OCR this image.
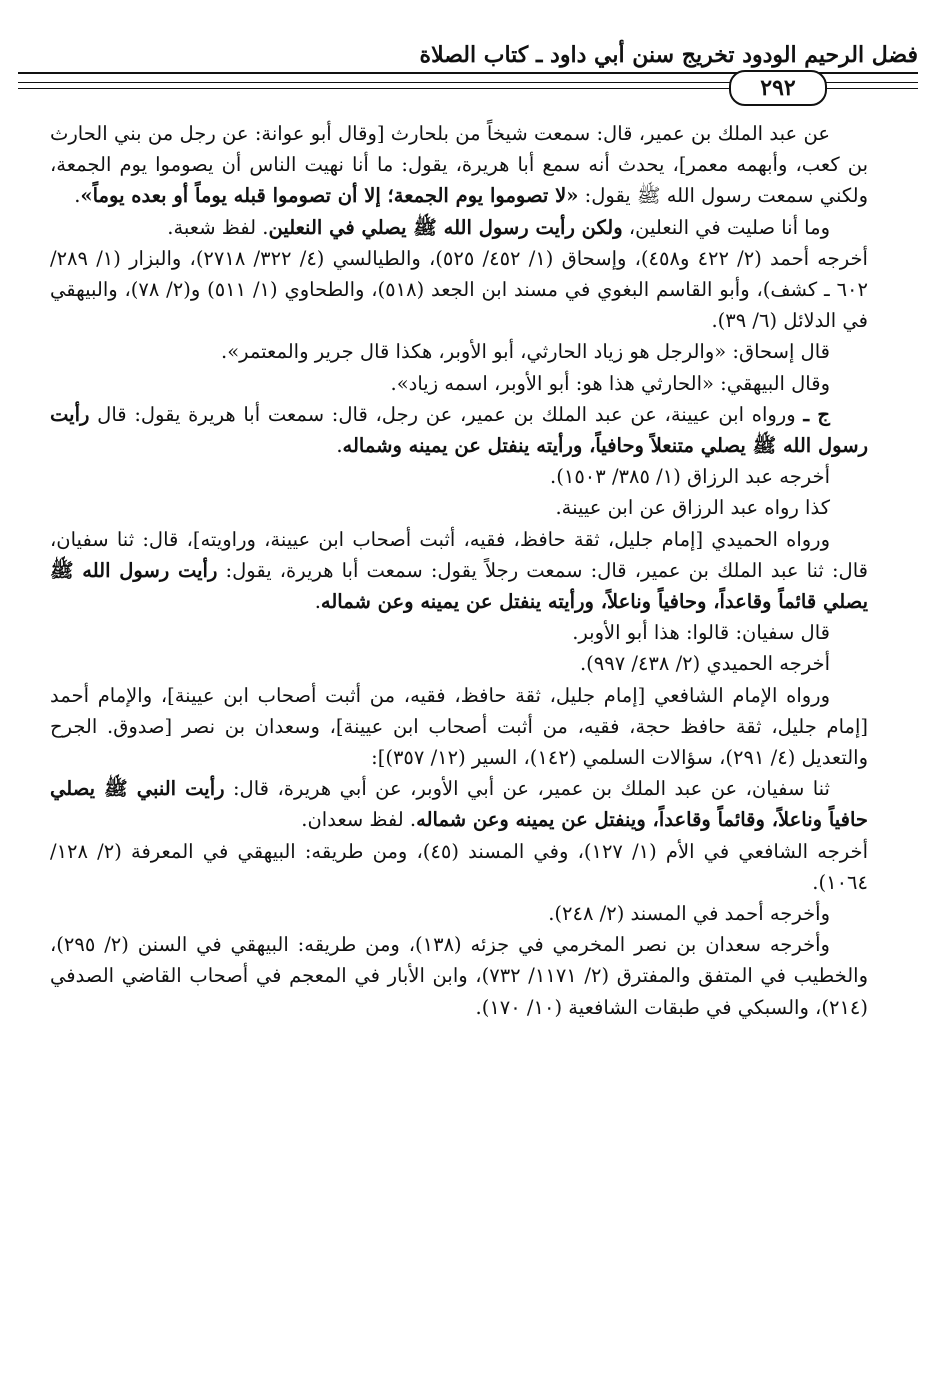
فضل الرحيم الودود تخريج سنن أبي داود ـ كتاب الصلاة
٢٩٢

عن عبد الملك بن عمير، قال: سمعت شيخاً من بلحارث [وقال أبو عوانة: عن رجل من بني الحارث بن كعب، وأبهمه معمر]، يحدث أنه سمع أبا هريرة، يقول: ما أنا نهيت الناس أن يصوموا يوم الجمعة، ولكني سمعت رسول الله ﷺ يقول: «لا تصوموا يوم الجمعة؛ إلا أن تصوموا قبله يوماً أو بعده يوماً».

وما أنا صليت في النعلين، ولكن رأيت رسول الله ﷺ يصلي في النعلين. لفظ شعبة.

أخرجه أحمد (٢/ ٤٢٢ و٤٥٨)، وإسحاق (١/ ٤٥٢/ ٥٢٥)، والطيالسي (٤/ ٣٢٢/ ٢٧١٨)، والبزار (١/ ٢٨٩/ ٦٠٢ ـ كشف)، وأبو القاسم البغوي في مسند ابن الجعد (٥١٨)، والطحاوي (١/ ٥١١) و(٢/ ٧٨)، والبيهقي في الدلائل (٦/ ٣٩).

قال إسحاق: «والرجل هو زياد الحارثي، أبو الأوبر، هكذا قال جرير والمعتمر».

وقال البيهقي: «الحارثي هذا هو: أبو الأوبر، اسمه زياد».

ج ـ ورواه ابن عيينة، عن عبد الملك بن عمير، عن رجل، قال: سمعت أبا هريرة يقول: قال رأيت رسول الله ﷺ يصلي متنعلاً وحافياً، ورأيته ينفتل عن يمينه وشماله.

أخرجه عبد الرزاق (١/ ٣٨٥/ ١٥٠٣).

كذا رواه عبد الرزاق عن ابن عيينة.

ورواه الحميدي [إمام جليل، ثقة حافظ، فقيه، أثبت أصحاب ابن عيينة، وراويته]، قال: ثنا سفيان، قال: ثنا عبد الملك بن عمير، قال: سمعت رجلاً يقول: سمعت أبا هريرة، يقول: رأيت رسول الله ﷺ يصلي قائماً وقاعداً، وحافياً وناعلاً، ورأيته ينفتل عن يمينه وعن شماله.

قال سفيان: قالوا: هذا أبو الأوبر.

أخرجه الحميدي (٢/ ٤٣٨/ ٩٩٧).

ورواه الإمام الشافعي [إمام جليل، ثقة حافظ، فقيه، من أثبت أصحاب ابن عيينة]، والإمام أحمد [إمام جليل، ثقة حافظ حجة، فقيه، من أثبت أصحاب ابن عيينة]، وسعدان بن نصر [صدوق. الجرح والتعديل (٤/ ٢٩١)، سؤالات السلمي (١٤٢)، السير (١٢/ ٣٥٧)]:

ثنا سفيان، عن عبد الملك بن عمير، عن أبي الأوبر، عن أبي هريرة، قال: رأيت النبي ﷺ يصلي حافياً وناعلاً، وقائماً وقاعداً، وينفتل عن يمينه وعن شماله. لفظ سعدان.

أخرجه الشافعي في الأم (١/ ١٢٧)، وفي المسند (٤٥)، ومن طريقه: البيهقي في المعرفة (٢/ ١٢٨/ ١٠٦٤).

وأخرجه أحمد في المسند (٢/ ٢٤٨).

وأخرجه سعدان بن نصر المخرمي في جزئه (١٣٨)، ومن طريقه: البيهقي في السنن (٢/ ٢٩٥)، والخطيب في المتفق والمفترق (٢/ ١١٧١/ ٧٣٢)، وابن الأبار في المعجم في أصحاب القاضي الصدفي (٢١٤)، والسبكي في طبقات الشافعية (١٠/ ١٧٠).
